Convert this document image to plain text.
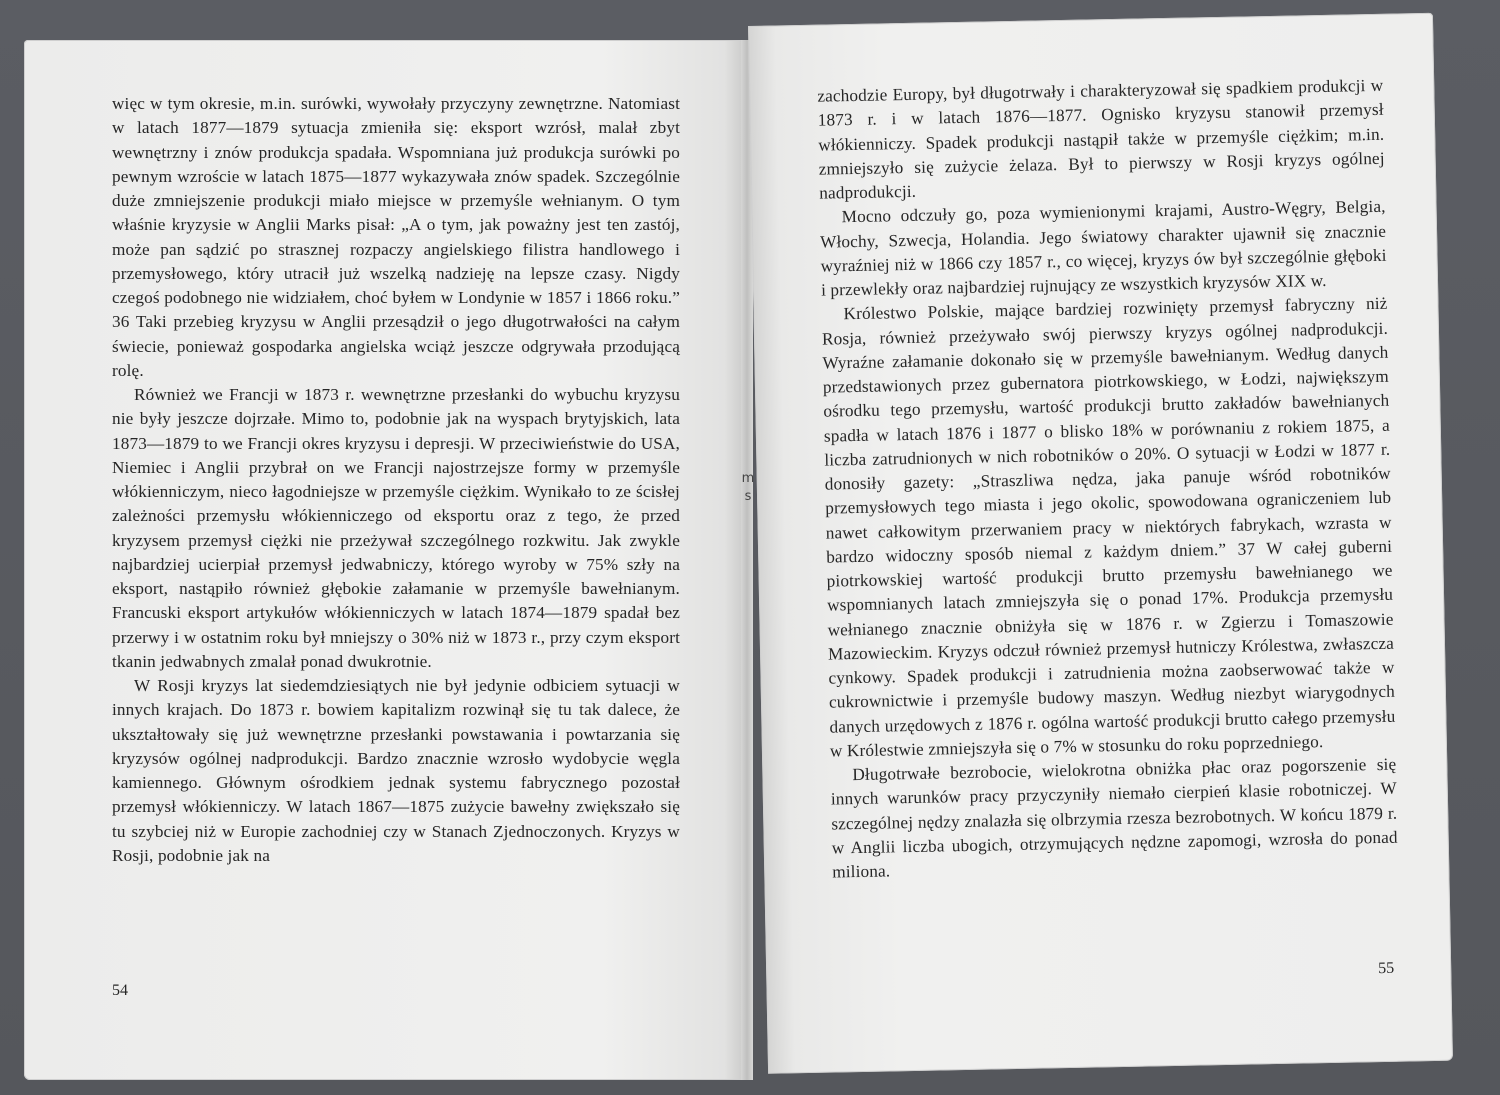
więc w tym okresie, m.in. surówki, wywołały przyczyny zewnętrzne. Natomiast w latach 1877—1879 sytuacja zmieniła się: eksport wzrósł, malał zbyt wewnętrzny i znów produkcja spadała. Wspomniana już produkcja surówki po pewnym wzroście w latach 1875—1877 wykazywała znów spadek. Szczególnie duże zmniejszenie produkcji miało miejsce w przemyśle wełnianym. O tym właśnie kryzysie w Anglii Marks pisał: „A o tym, jak poważny jest ten zastój, może pan sądzić po strasznej rozpaczy angielskiego filistra handlowego i przemysłowego, który utracił już wszelką nadzieję na lepsze czasy. Nigdy czegoś podobnego nie widziałem, choć byłem w Londynie w 1857 i 1866 roku.” 36 Taki przebieg kryzysu w Anglii przesądził o jego długotrwałości na całym świecie, ponieważ gospodarka angielska wciąż jeszcze odgrywała przodującą rolę.

Również we Francji w 1873 r. wewnętrzne przesłanki do wybuchu kryzysu nie były jeszcze dojrzałe. Mimo to, podobnie jak na wyspach brytyjskich, lata 1873—1879 to we Francji okres kryzysu i depresji. W przeciwieństwie do USA, Niemiec i Anglii przybrał on we Francji najostrzejsze formy w przemyśle włókienniczym, nieco łagodniejsze w przemyśle ciężkim. Wynikało to ze ścisłej zależności przemysłu włókienniczego od eksportu oraz z tego, że przed kryzysem przemysł ciężki nie przeżywał szczególnego rozkwitu. Jak zwykle najbardziej ucierpiał przemysł jedwabniczy, którego wyroby w 75% szły na eksport, nastąpiło również głębokie załamanie w przemyśle bawełnianym. Francuski eksport artykułów włókienniczych w latach 1874—1879 spadał bez przerwy i w ostatnim roku był mniejszy o 30% niż w 1873 r., przy czym eksport tkanin jedwabnych zmalał ponad dwukrotnie.

W Rosji kryzys lat siedemdziesiątych nie był jedynie odbiciem sytuacji w innych krajach. Do 1873 r. bowiem kapitalizm rozwinął się tu tak dalece, że ukształtowały się już wewnętrzne przesłanki powstawania i powtarzania się kryzysów ogólnej nadprodukcji. Bardzo znacznie wzrosło wydobycie węgla kamiennego. Głównym ośrodkiem jednak systemu fabrycznego pozostał przemysł włókienniczy. W latach 1867—1875 zużycie bawełny zwiększało się tu szybciej niż w Europie zachodniej czy w Stanach Zjednoczonych. Kryzys w Rosji, podobnie jak na

54
m s

zachodzie Europy, był długotrwały i charakteryzował się spadkiem produkcji w 1873 r. i w latach 1876—1877. Ognisko kryzysu stanowił przemysł włókienniczy. Spadek produkcji nastąpił także w przemyśle ciężkim; m.in. zmniejszyło się zużycie żelaza. Był to pierwszy w Rosji kryzys ogólnej nadprodukcji.

Mocno odczuły go, poza wymienionymi krajami, Austro-Węgry, Belgia, Włochy, Szwecja, Holandia. Jego światowy charakter ujawnił się znacznie wyraźniej niż w 1866 czy 1857 r., co więcej, kryzys ów był szczególnie głęboki i przewlekły oraz najbardziej rujnujący ze wszystkich kryzysów XIX w.

Królestwo Polskie, mające bardziej rozwinięty przemysł fabryczny niż Rosja, również przeżywało swój pierwszy kryzys ogólnej nadprodukcji. Wyraźne załamanie dokonało się w przemyśle bawełnianym. Według danych przedstawionych przez gubernatora piotrkowskiego, w Łodzi, największym ośrodku tego przemysłu, wartość produkcji brutto zakładów bawełnianych spadła w latach 1876 i 1877 o blisko 18% w porównaniu z rokiem 1875, a liczba zatrudnionych w nich robotników o 20%. O sytuacji w Łodzi w 1877 r. donosiły gazety: „Straszliwa nędza, jaka panuje wśród robotników przemysłowych tego miasta i jego okolic, spowodowana ograniczeniem lub nawet całkowitym przerwaniem pracy w niektórych fabrykach, wzrasta w bardzo widoczny sposób niemal z każdym dniem.” 37 W całej guberni piotrkowskiej wartość produkcji brutto przemysłu bawełnianego we wspomnianych latach zmniejszyła się o ponad 17%. Produkcja przemysłu wełnianego znacznie obniżyła się w 1876 r. w Zgierzu i Tomaszowie Mazowieckim. Kryzys odczuł również przemysł hutniczy Królestwa, zwłaszcza cynkowy. Spadek produkcji i zatrudnienia można zaobserwować także w cukrownictwie i przemyśle budowy maszyn. Według niezbyt wiarygodnych danych urzędowych z 1876 r. ogólna wartość produkcji brutto całego przemysłu w Królestwie zmniejszyła się o 7% w stosunku do roku poprzedniego.

Długotrwałe bezrobocie, wielokrotna obniżka płac oraz pogorszenie się innych warunków pracy przyczyniły niemało cierpień klasie robotniczej. W szczególnej nędzy znalazła się olbrzymia rzesza bezrobotnych. W końcu 1879 r. w Anglii liczba ubogich, otrzymujących nędzne zapomogi, wzrosła do ponad miliona.

55
